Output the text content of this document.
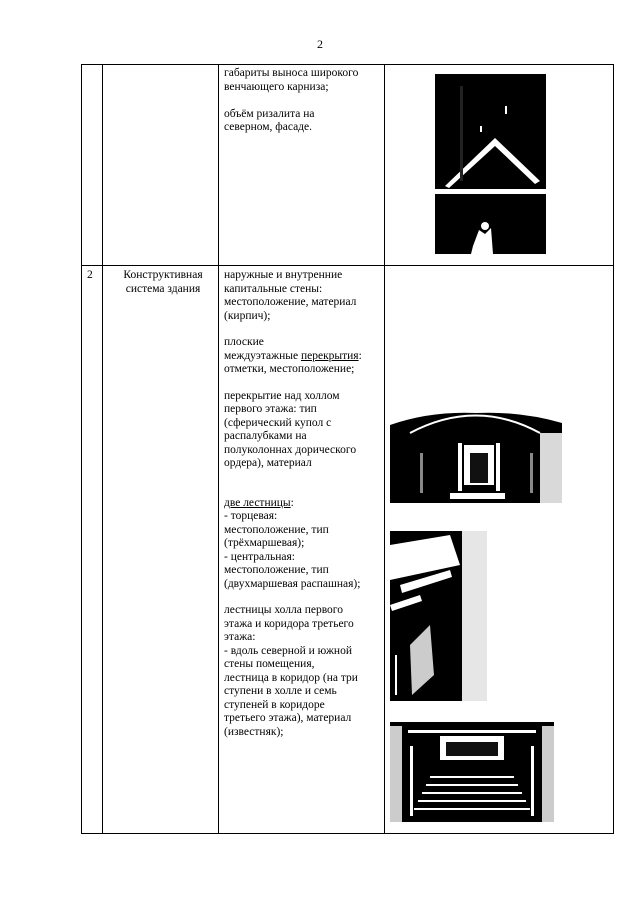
2
габариты выноса широкого
венчающего карниза;
объём ризалита на
северном, фасаде.
2	Конструктивная
система здания
наружные и внутренние
капитальные стены:
местоположение, материал
(кирпич);
плоские
междуэтажные перекрытия:
отметки, местоположение;
перекрытие над холлом
первого этажа: тип
(сферический купол с
распалубками на
полуколоннах дорического
ордера), материал
две лестницы:
- торцевая:
местоположение, тип
(трёхмаршевая);
- центральная:
местоположение, тип
(двухмаршевая распашная);
лестницы холла первого
этажа и коридора третьего
этажа:
- вдоль северной и южной
стены помещения,
лестница в коридор (на три
ступени в холле и семь
ступеней в коридоре
третьего этажа), материал
(известняк);
